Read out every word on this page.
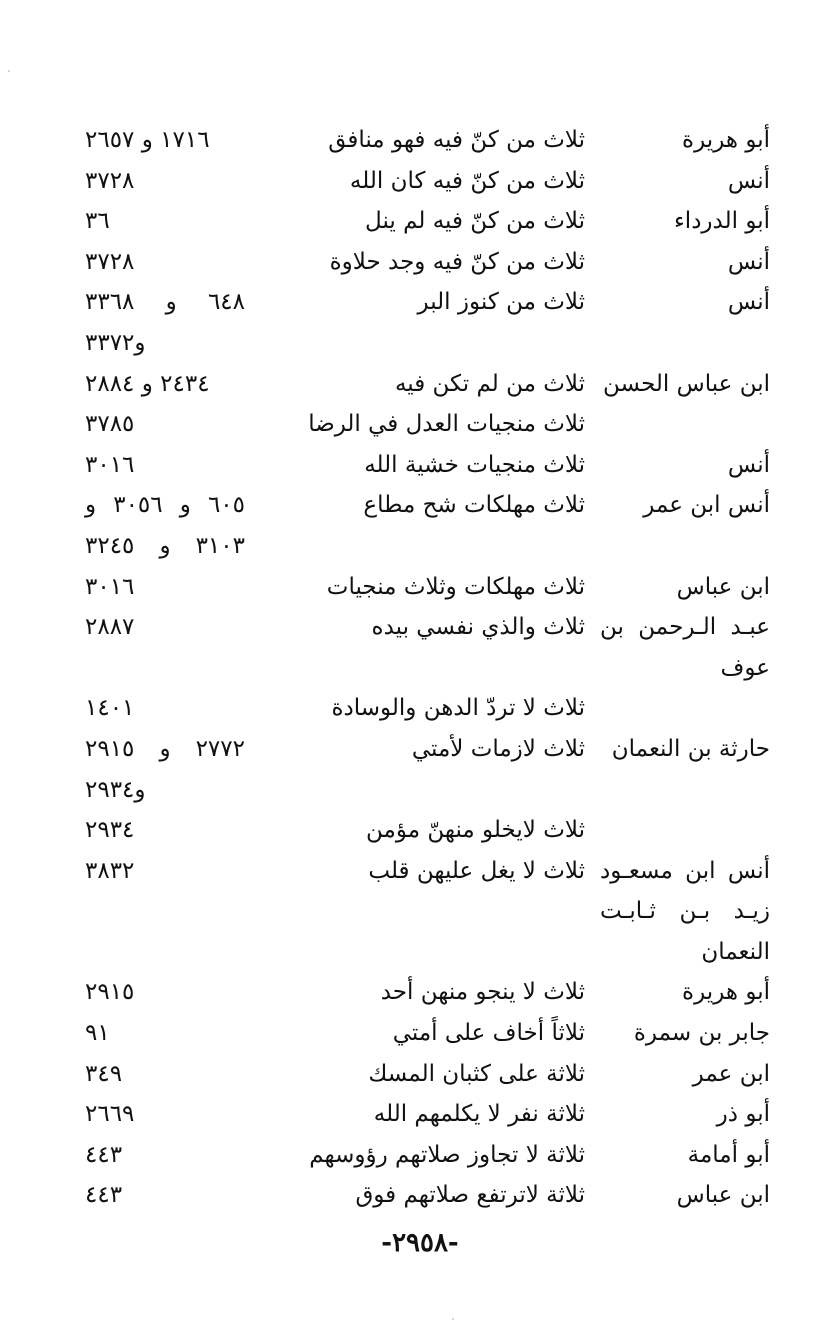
أبو هريرة
ثلاث من كنّ فيه فهو منافق
١٧١٦ و ٢٦٥٧
أنس
ثلاث من كنّ فيه كان الله
٣٧٢٨
أبو الدرداء
ثلاث من كنّ فيه لم ينل
٣٦
أنس
ثلاث من كنّ فيه وجد حلاوة
٣٧٢٨
أنس
ثلاث من كنوز البر
٦٤٨ و ٣٣٦٨
و٣٣٧٢
ابن عباس الحسن
ثلاث من لم تكن فيه
٢٤٣٤ و ٢٨٨٤
ثلاث منجيات العدل في الرضا
٣٧٨٥
أنس
ثلاث منجيات خشية الله
٣٠١٦
أنس ابن عمر
ثلاث مهلكات شح مطاع
٦٠٥ و ٣٠٥٦ و
٣١٠٣ و ٣٢٤٥
ابن عباس
ثلاث مهلكات وثلاث منجيات
٣٠١٦
عبـد الـرحمن بن
ثلاث والذي نفسي بيده
٢٨٨٧
عوف
ثلاث لا تردّ الدهن والوسادة
١٤٠١
حارثة بن النعمان
ثلاث لازمات لأمتي
٢٧٧٢ و ٢٩١٥
و٢٩٣٤
ثلاث لايخلو منهنّ مؤمن
٢٩٣٤
أنس ابن مسعـود
ثلاث لا يغل عليهن قلب
٣٨٣٢
زيـد بـن ثـابـت
النعمان
أبو هريرة
ثلاث لا ينجو منهن أحد
٢٩١٥
جابر بن سمرة
ثلاثاً أخاف على أمتي
٩١
ابن عمر
ثلاثة على كثبان المسك
٣٤٩
أبو ذر
ثلاثة نفر لا يكلمهم الله
٢٦٦٩
أبو أمامة
ثلاثة لا تجاوز صلاتهم رؤوسهم
٤٤٣
ابن عباس
ثلاثة لاترتفع صلاتهم فوق
٤٤٣
-٢٩٥٨-
